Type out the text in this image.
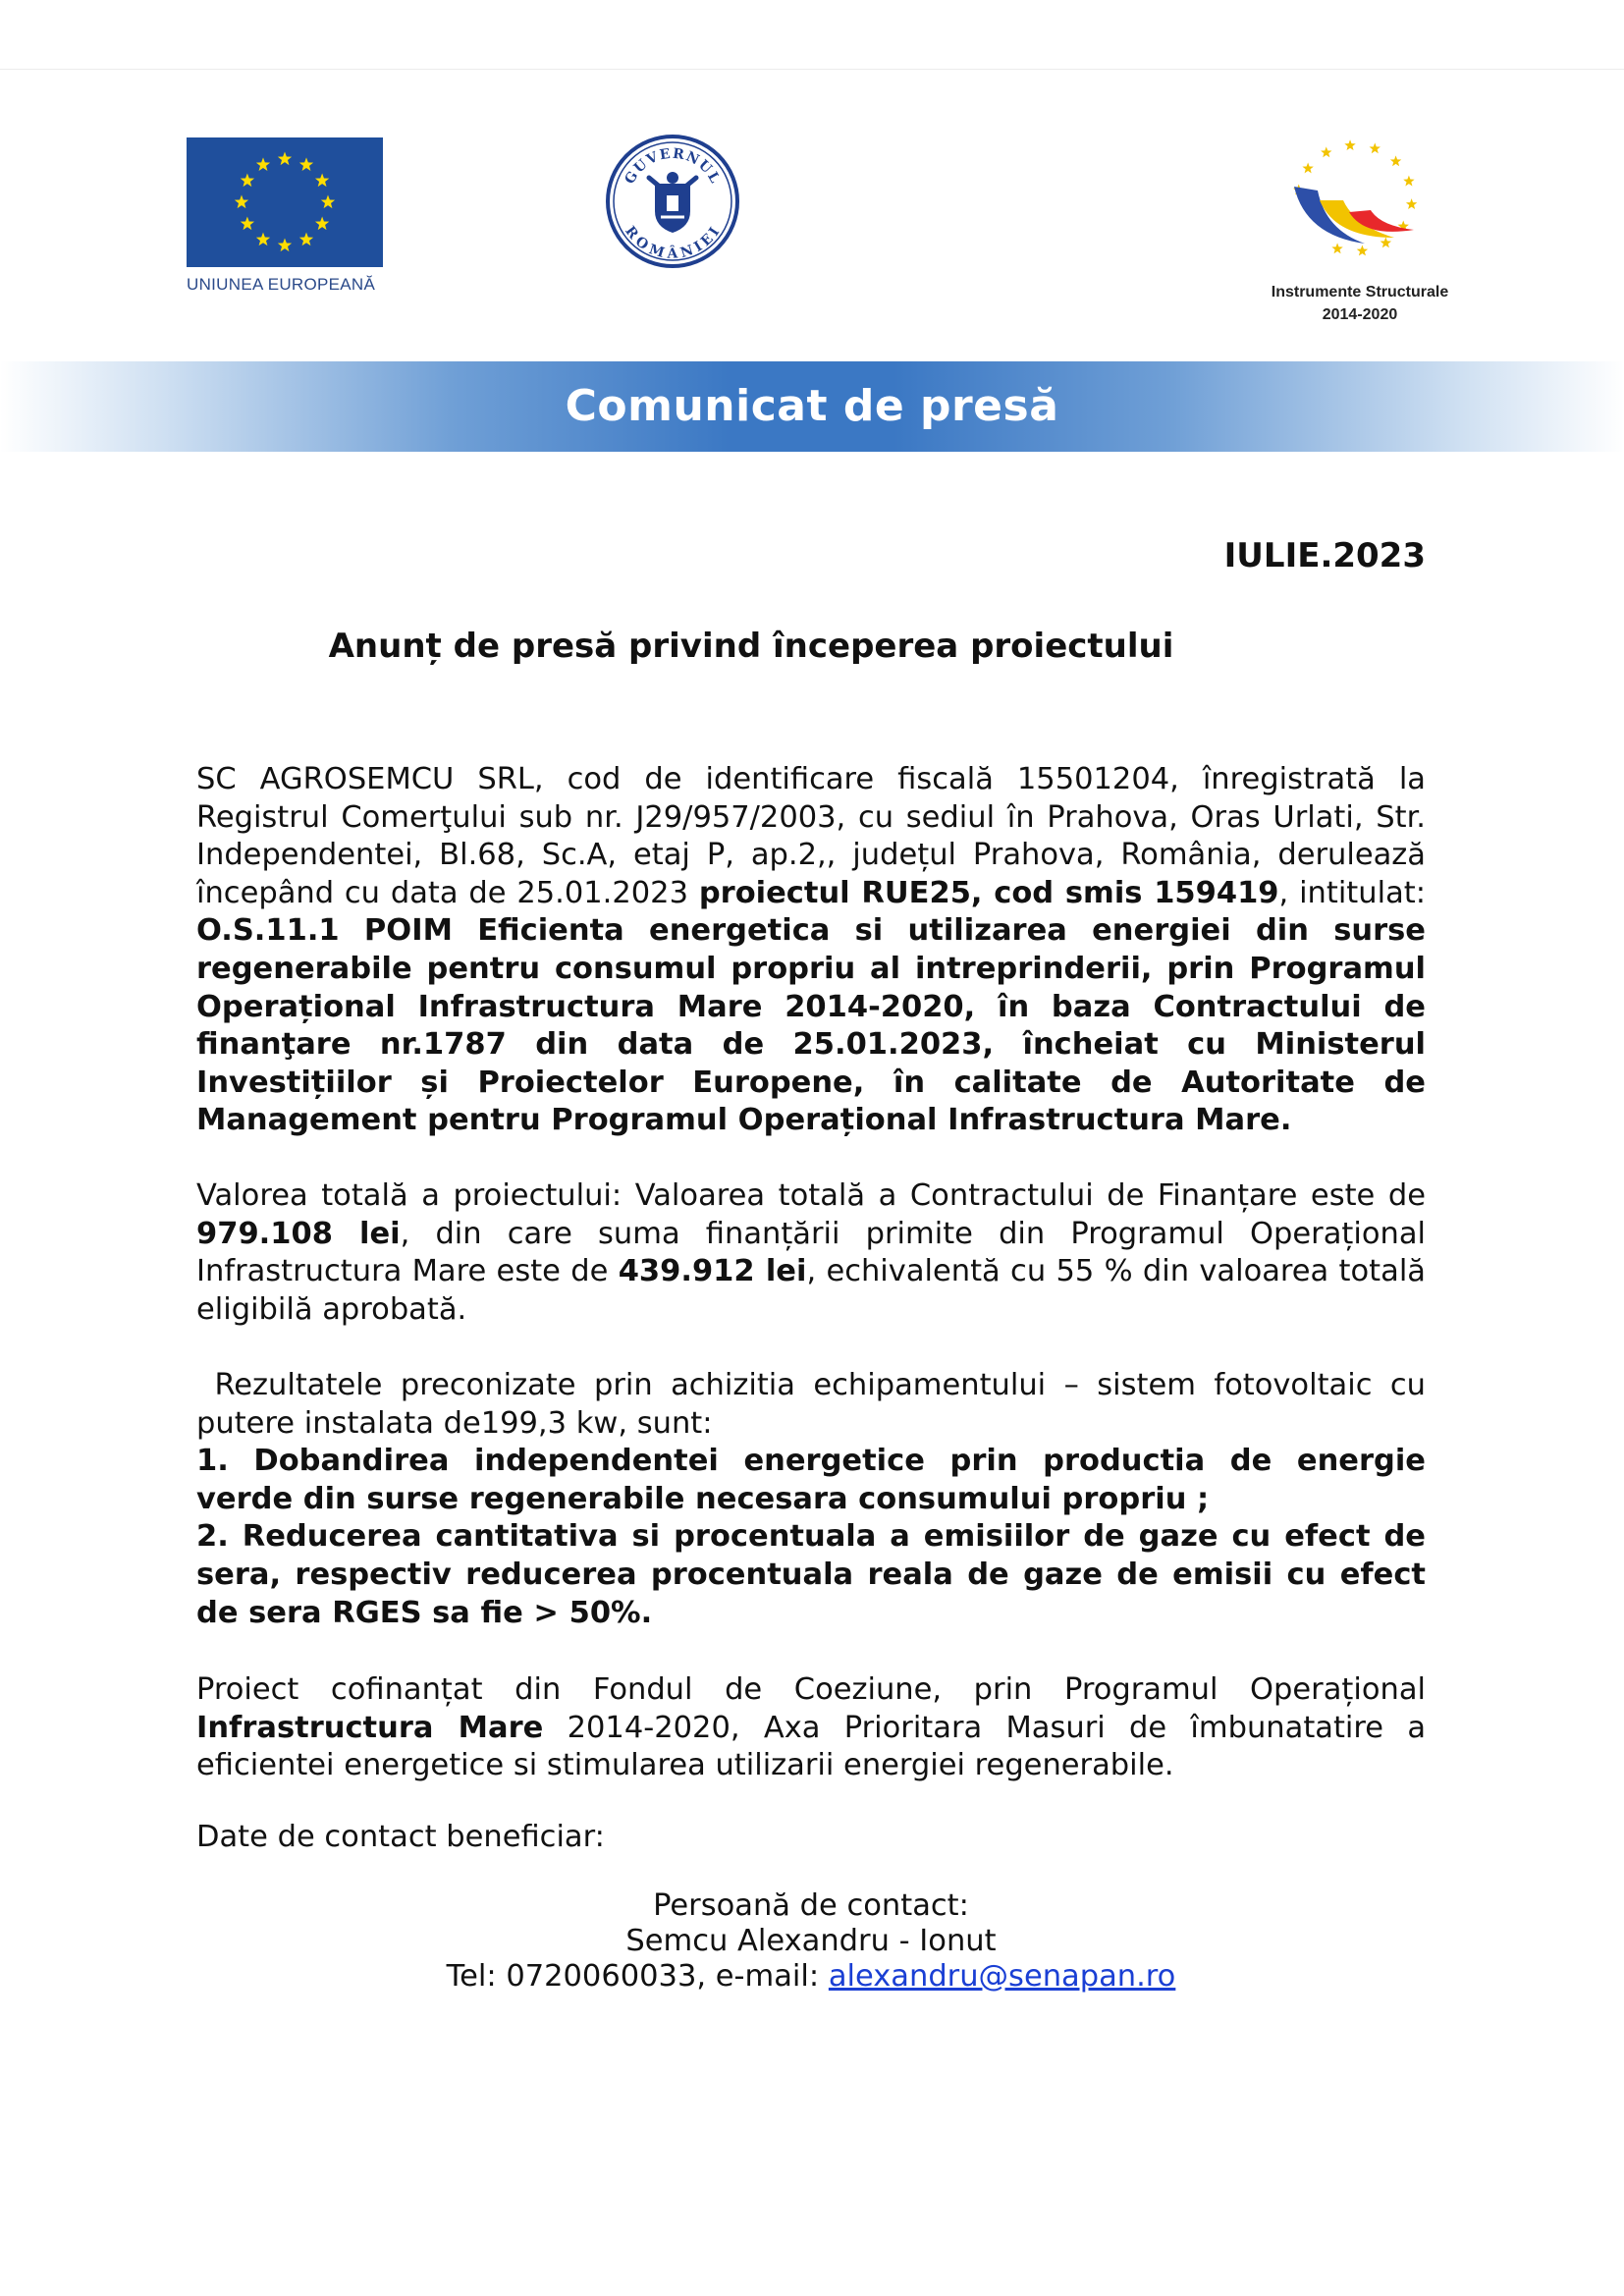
UNIUNEA EUROPEANĂ
GUVERNUL
ROMÂNIEI
Instrumente Structurale
2014-2020
Comunicat de presă

IULIE.2023

Anunț de presă privind începerea proiectului

SC AGROSEMCU SRL, cod de identificare fiscală 15501204, înregistrată la Registrul Comerţului sub nr. J29/957/2003, cu sediul în Prahova, Oras Urlati, Str. Independentei, Bl.68, Sc.A, etaj P, ap.2,, județul Prahova, România, derulează începând cu data de 25.01.2023 proiectul RUE25, cod smis 159419, intitulat: O.S.11.1 POIM Eficienta energetica si utilizarea energiei din surse regenerabile pentru consumul propriu al intreprinderii, prin Programul Operațional Infrastructura Mare 2014-2020, în baza Contractului de finanţare nr.1787 din data de 25.01.2023, încheiat cu Ministerul Investițiilor și Proiectelor Europene, în calitate de Autoritate de Management pentru Programul Operațional Infrastructura Mare.

Valorea totală a proiectului: Valoarea totală a Contractului de Finanțare este de 979.108 lei, din care suma finanțării primite din Programul Operațional Infrastructura Mare este de 439.912 lei, echivalentă cu 55 % din valoarea totală eligibilă aprobată.

Rezultatele preconizate prin achizitia echipamentului – sistem fotovoltaic cu putere instalata de199,3 kw, sunt:

1. Dobandirea independentei energetice prin productia de energie verde din surse regenerabile necesara consumului propriu ;

2. Reducerea cantitativa si procentuala a emisiilor de gaze cu efect de sera, respectiv reducerea procentuala reala de gaze de emisii cu efect de sera RGES sa fie > 50%.

Proiect cofinanțat din Fondul de Coeziune, prin Programul Operațional Infrastructura Mare 2014-2020, Axa Prioritara Masuri de îmbunatatire a eficientei energetice si stimularea utilizarii energiei regenerabile.

Date de contact beneficiar:

Persoană de contact:
Semcu Alexandru - Ionut
Tel: 0720060033, e-mail: alexandru@senapan.ro
